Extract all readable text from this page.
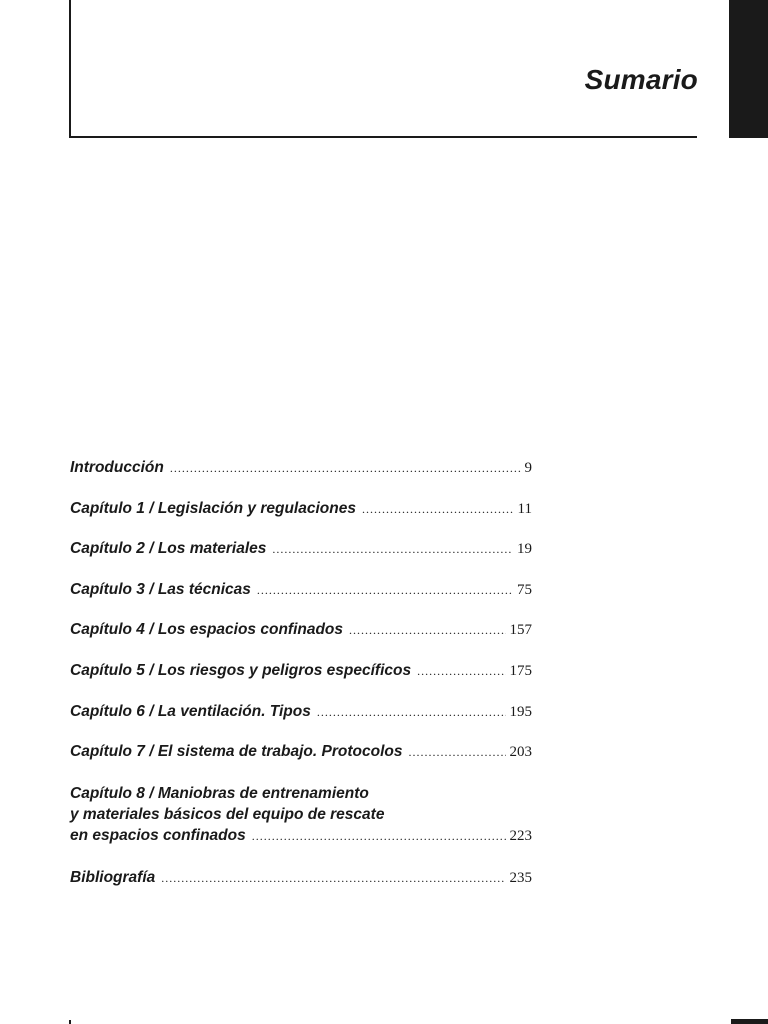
Sumario
Introducción .....	9
Capítulo 1 / Legislación y regulaciones .....	11
Capítulo 2 / Los materiales .....	19
Capítulo 3 / Las técnicas .....	75
Capítulo 4 / Los espacios confinados .....	157
Capítulo 5 / Los riesgos y peligros específicos .....	175
Capítulo 6 / La ventilación. Tipos .....	195
Capítulo 7 / El sistema de trabajo. Protocolos .....	203
Capítulo 8 / Maniobras de entrenamiento
y materiales básicos del equipo de rescate
en espacios confinados .....	223
Bibliografía .....	235
